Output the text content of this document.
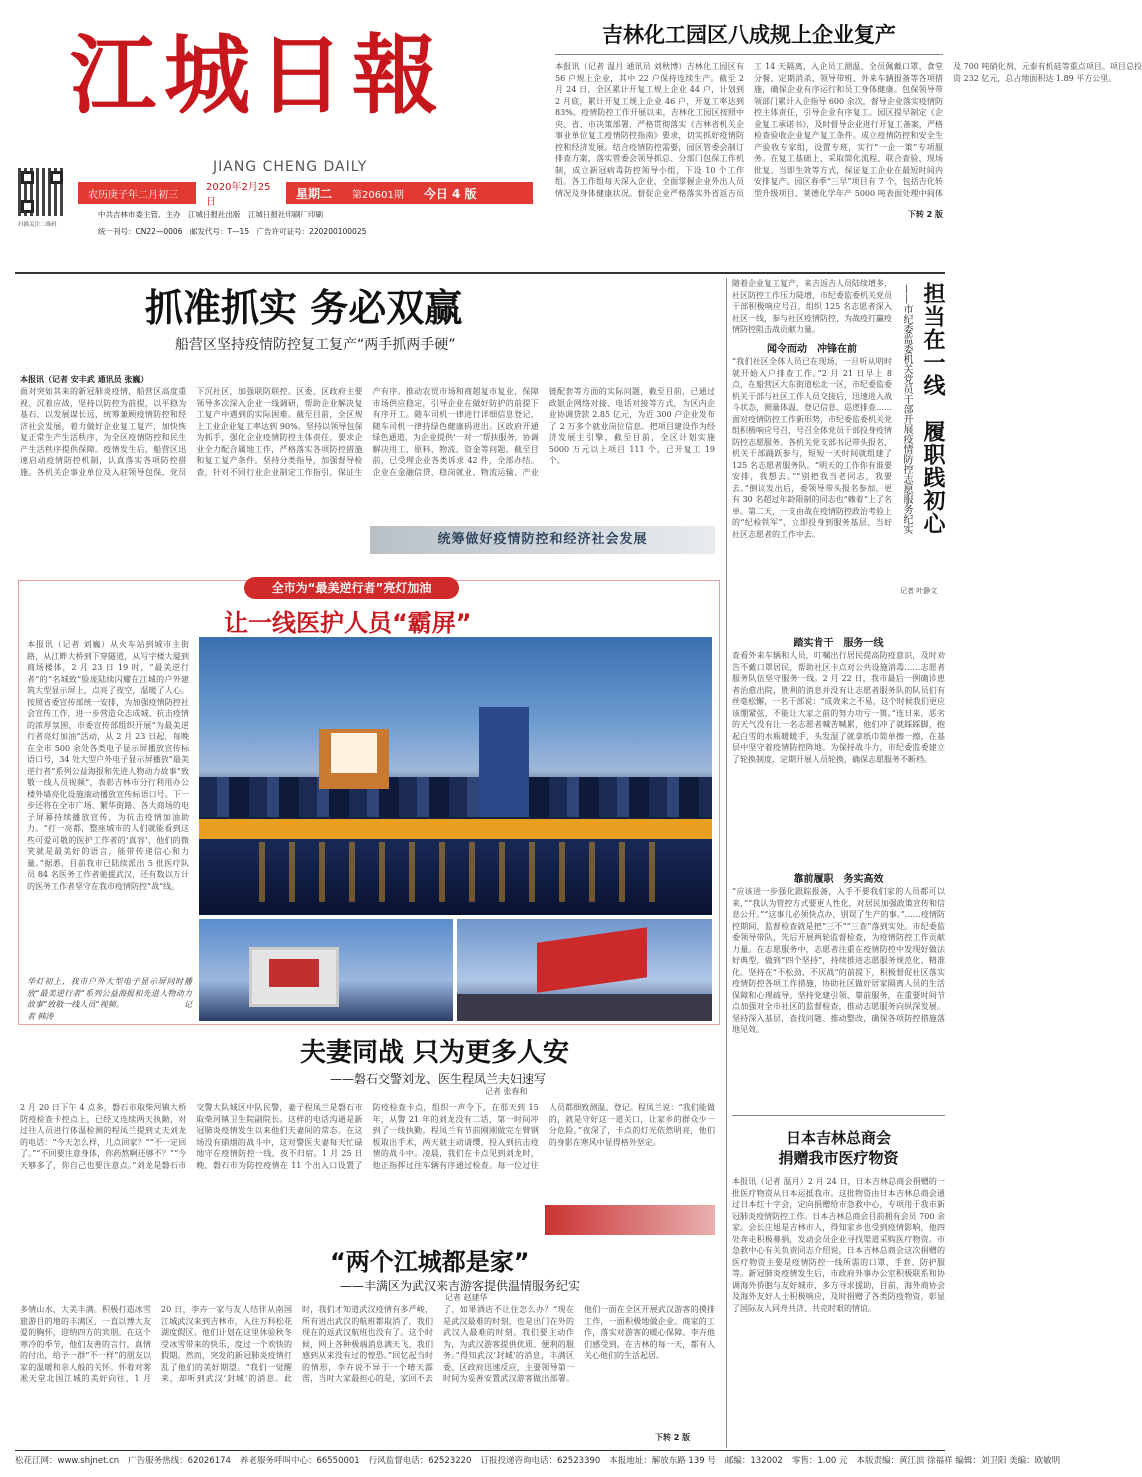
扫描关注二维码
江城日報
JIANG CHENG DAILY
农历庚子年二月初三
2020年2月25日
星期二	第20601期	今日 4 版
中共吉林市委主管、主办　江城日报社出版　江城日报社印刷厂印刷
统一刊号：CN22—0006　邮发代号：T—15　广告许可证号：220200100025
吉林化工园区八成规上企业复产
本报讯（记者 温月 通讯员 刘秋博）吉林化工园区有 56 户规上企业，其中 22 户保持连续生产。截至 2 月 24 日，全区累计开复工规上企业 44 户，计划到 2 月底，累计开复工规上企业 46 户，开复工率达到 83%。疫情防控工作开展以来，吉林化工园区按照中央、省、市决策部署，严格贯彻落实《吉林省机关企事业单位复工疫情防控指南》要求，切实抓好疫情防控和经济发展。结合疫情防控需要，园区管委会制订排查方案，落实管委会领导抓总、分部门包保工作机制，成立新冠病毒防控领导小组，下设 10 个工作组。各工作组每天深入企业，全面掌握企业外出人员情况及身体健康状况。督促企业严格落实外省返吉员工 14 天隔离，入企员工测温、全员佩戴口罩、食堂分餐、定期消杀、领导带班、外来车辆报备等各项措施，确保企业有序运行和员工身体健康。包保领导带领部门累计入企指导 600 余次，督导企业落实疫情防控主体责任，引导企业有序复工。园区提早制定《企业复工承诺书》，及时督导企业进行开复工备案，严格检查验收企业复产复工条件。成立疫情防控和安全生产验收专家组，设置专班，实行“一企一策”专项服务。在复工基础上，采取简化流程、联合查验、现场批复、当即生效等方式，保证复工企业在最短时间内安排复产。园区春季“三早”项目有 7 个，包括吉化转型升级项目、莱德化学年产 5000 吨表面处理中间体及 700 吨硝化剂、元泰有机硅等重点项目。项目总投资 232 亿元，总占地面积达 1.89 平方公里。
下转 2 版
抓准抓实 务必双赢
船营区坚持疫情防控复工复产“两手抓两手硬”
本报讯（记者 安丰武 通讯员 张巍）
面对突如其来的新冠肺炎疫情，船营区高度重视、沉着应战，坚持以防控为前提，以平稳为基石，以发展谋长远，统筹兼顾疫情防控和经济社会发展，着力做好企业复工复产，加快恢复正常生产生活秩序，为全区疫情防控和民生产生活秩序提供保障。疫情发生后，船营区迅速启动疫情防控机制，认真落实各项防控措施。各机关企事业单位及入驻领导包保、党员下沉社区，加强联防联控。区委、区政府主要领导多次深入企业一线调研，帮助企业解决复工复产中遇到的实际困难。截至目前，全区规上工业企业复工率达到 90%。坚持以领导包保为抓手，强化企业疫情防控主体责任，要求企业全力配合属地工作，严格落实各项防控措施和复工复产条件。坚持分类指导，加强督导检查，针对不同行业企业制定工作指引，保证生产有序。推动农贸市场和商超复市复业，保障市场供应稳定，引导企业在做好防护的前提下有序开工。随车司机一律进行详细信息登记，随车司机一律持绿色健康码进出。区政府开通绿色通道，为企业提供‘一对一’帮扶服务，协调解决用工、原料、物流、资金等问题。截至目前，已受理企业各类诉求 42 件，全部办结。企业在金融信贷、稳岗就业、物流运输、产业链配套等方面的实际问题，截至目前，已通过政银企网络对接、电话对接等方式，为区内企业协调贷款 2.85 亿元，为近 300 户企业发布了 2 万多个就业岗位信息。把项目建设作为经济发展主引擎，截至目前，全区计划实施 5000 万元以上项目 111 个，已开复工 19 个。
统筹做好疫情防控和经济社会发展
全市为“最美逆行者”亮灯加油
让一线医护人员“霸屏”
本报讯（记者 刘巍）从火车站到城市主街路，从江畔大桥到下穿隧道，从写字楼大厦到商场楼体，2 月 23 日 19 时，“最美逆行者”的“名城致”脸庞陆续闪耀在江城的户外建筑大型显示屏上，点亮了夜空，温暖了人心。按照省委宣传部统一安排，为加强疫情防控社会宣传工作，进一步营造众志成城、抗击疫情的浓厚氛围，市委宣传部组织开展“为最美逆行者亮灯加油”活动，从 2 月 23 日起，每晚在全市 500 余处各类电子显示屏播放宣传标语口号，34 处大型户外电子显示屏播放“最美逆行者”系列公益海报和先进人物动力故事“致敬一线人员视频”，表彰吉林市分行利用办公楼外墙亮化设施滚动播放宣传标语口号。下一步还将在全市广场、繁华街路、各大商场的电子屏幕持续播放宣传，为抗击疫情加油助力。“打一亮都，整座城市的人们就能看到这些可爱可敬的医护工作者的‘真容’，他们的微笑就是最美好的语言，能带传递信心和力量。”据悉，目前我市已陆续派出 5 批医疗队员 84 名医务工作者驰援武汉，还有数以万计的医务工作者坚守在我市疫情防控“战”线。
华灯初上，我市户外大型电子显示屏同时播放“最美逆行者”系列公益海报和先进人物动力故事“致敬一线人员”视频。　　　　　　　　记者 韩涛
夫妻同战 只为更多人安
——磐石交警刘龙、医生程凤兰夫妇速写
记者 张春和
2 月 20 日下午 4 点多，磐石市取柴河镇大桥防疫检查卡控点上，已经又连续两天执勤，对过往人员进行体温检测的程凤兰提到丈夫刘龙的电话：“今天怎么样，几点回家？”“不一定回了。”“不回要注意身体，你药熬啊还够不？”“今天够多了，你自己也要注意点。”刘龙是磐石市交警大队城区中队民警，妻子程凤兰是磐石市取柴河镇卫生院副院长。这样的电话沟通是新冠肺炎疫情发生以来他们夫妻间的常态。在这场没有硝烟的战斗中，这对警医夫妻每天忙碌地守在疫情防控一线，夜不归宿。1 月 25 日晚，磐石市为防控疫情在 11 个出入口设置了防疫检查卡点，组织一声令下，在那天到 15 年，从警 21 年的刘龙没有二话，第一时间冲到了一线执勤。程凤兰有节前刚刚做完左臂钢板取出手术，两天就主动请缨，投入到抗击疫情的战斗中。凌晨，我们在卡点见到刘龙时，他正指挥过往车辆有序通过检查。每一位过往人员都细致测温、登记。程凤兰说：“我们能做的，就是守好这一道关口，让家乡的群众少一分危险。”夜深了，卡点的灯光依然明亮，他们的身影在寒风中显得格外坚定。
“两个江城都是家”
——丰满区为武汉来吉游客提供温情服务纪实
记者 赵建华
多情山水、大美丰满。积极打造冰雪旅游目的地的丰满区，一直以博大友爱的胸怀，迎纳四方的宾朋。在这个寒冷的季节，他们友善的言行，真情的付出，给予一群“不一样”的朋友以家的温暖和亲人般的关怀。怀着对雾凇天堂北国江城的美好向往，1 月 20 日，李卉一家与友人结伴从南国江城武汉来到吉林市，入住万科松花湖度假区。他们计划在这里休验秋冬受冰雪带来的快乐，度过一个欢快的假期。然而，突发的新冠肺炎疫情打乱了他们的美好期望。“我们一觉醒来，却听到武汉‘封城’的消息。此时，我们才知道武汉疫情有多严峻，所有进出武汉的航班都取消了，我们现在的返武汉航班也没有了。这个时候，网上各种极端消息满天飞，我们感到从来没有过的惶恐。”回忆起当时的情形，李卉说不异于一个晴天霹雳，当时大家最担心的是，家回不去了，如果酒店不让住怎么办？“现在是武汉最难的时刻，也是出门在外的武汉人最难的时刻。我们要主动作为，为武汉游客提供优质、便利的服务。”得知武汉‘封城’的消息，丰满区委、区政府迅速反应，主要领导第一时间为妥善安置武汉游客做出部署。他们一面在全区开展武汉游客的摸排工作，一面积极地做企业、商家的工作，落实对游客的暖心保障。李卉他们感受到，在吉林的每一天，都有人关心他们的生活起居。
下转 2 版
随着企业复工复产，来吉返吉人员陆续增多，社区防控工作压力陡增，市纪委监委机关党员干部积极响应号召，组织 125 名志愿者深入社区一线，参与社区疫情防控，为战疫打赢疫情防控阻击战贡献力量。	担当在一线　履职践初心
——市纪委监委机关党员干部开展疫情防控志愿服务纪实
记者 叶静文
闻令而动　冲锋在前
“我们社区全体人员已在现场，一旦听从明时就开始入户排查工作。”2 月 21 日早上 8 点，在船营区大东街道松北一区，市纪委监委机关干部与社区工作人员交接后，迅速进入战斗状态，测量体温、登记信息、巡逻排查……面对疫情防控工作新形势，市纪委监委机关党组积极响应号召，号召全体党员干部投身疫情防控志愿服务。各机关党支部书记带头报名，机关干部踊跃参与，短短一天时间就组建了 125 名志愿者服务队。“明天的工作你有谁要安排，我想去。”“别把我当老同志，我要去。”倒议发出后，委领导带头报名参加，更有 30 名超过年龄限制的同志也“赖着”上了名单。第二天，一支由战在疫情防控政治考验上的“纪检铁军”，立即投身到服务基层、当好社区志愿者的工作中去。
踏实肯干　服务一线
查看外来车辆和人员，叮嘱出行居民提高防疫意识，及时劝告不戴口罩居民，帮助社区卡点对公共设施消毒……志愿者服务队伍坚守服务一线。2 月 22 日，我市最后一例确诊患者治愈出院，胜利的消息并没有让志愿者服务队的队员们有丝毫松懈，一名干部说：“成效来之不易，这个时候我们更应该绷紧弦，不能让大家之前的努力功亏一篑。”连日来，恶劣的天气没有让一名志愿者喊苦喊累，他们冲了就踩踩脚，抱起白雪的水瓶暖暖手，头发湿了就拿纸巾简单擦一擦，在基层中坚守着疫情防控阵地。为保持战斗力，市纪委监委建立了轮换制度，定期开展人员轮换，确保志愿服务不断档。
靠前履职　务实高效
“应该进一步强化跟踪报备，入手不要我们家的人员都可以来，”“我认为管控方式要更人性化，对居民加强政策宣传和信息公开。”“这事儿必须快点办，别误了生产的事。”……疫情防控期间，监督检查就是把“三不”“三查”落到实处。市纪委监委领导带队，先后开展两轮监督检查，为疫情防控工作贡献力量。在志愿服务中，志愿者注重在疫情防控中发现好做法好典型，做到“四个坚持”，持续推进志愿服务规范化、精准化。坚持在“不松劲、不厌战”的前提下，积极督促社区落实疫情防控各项工作措施，协助社区做好居家隔离人员的生活保障和心理疏导。坚持党建引领、靠前服务，在重要时间节点加强对全市社区的监督检查，推动志愿服务向纵深发展。坚持深入基层，查找问题、推动整改，确保各项防控措施落地见效。
日本吉林总商会
捐赠我市医疗物资
本报讯（记者 温月）2 月 24 日，日本吉林总商会捐赠的一批医疗物资从日本运抵我市。这批物资由日本吉林总商会通过日本红十字会，定向捐赠给市急救中心，专项用于我市新冠肺炎疫情防控工作。日本吉林总商会目前拥有会员 700 余家。会长庄旭是吉林市人，得知家乡也受到疫情影响，他四处奔走积极募捐，发动会员企业寻找渠道采购医疗物资。市急救中心有关负责同志介绍说，日本吉林总商会这次捐赠的医疗物资主要是疫情防控一线所需的口罩、手套、防护服等。新冠肺炎疫情发生后，市政府外事办公室积极联系和协调海外侨胞与友好城市，多方寻求援助，目前，海外商协会及海外友好人士积极响应，及时捐赠了各类防疫物资，彰显了国际友人同舟共济、共克时艰的情谊。
松花江网：www.shjnet.cn 广告服务热线：62026174 养老服务呼叫中心：66550001 行风监督电话：62523220 订报投递咨询电话：62523390 本报地址：解放东路 139 号 邮编：132002 零售：1.00 元 本版责编：黄江滨 徐福祥 编辑：刘卫阳 美编：欧敏明
